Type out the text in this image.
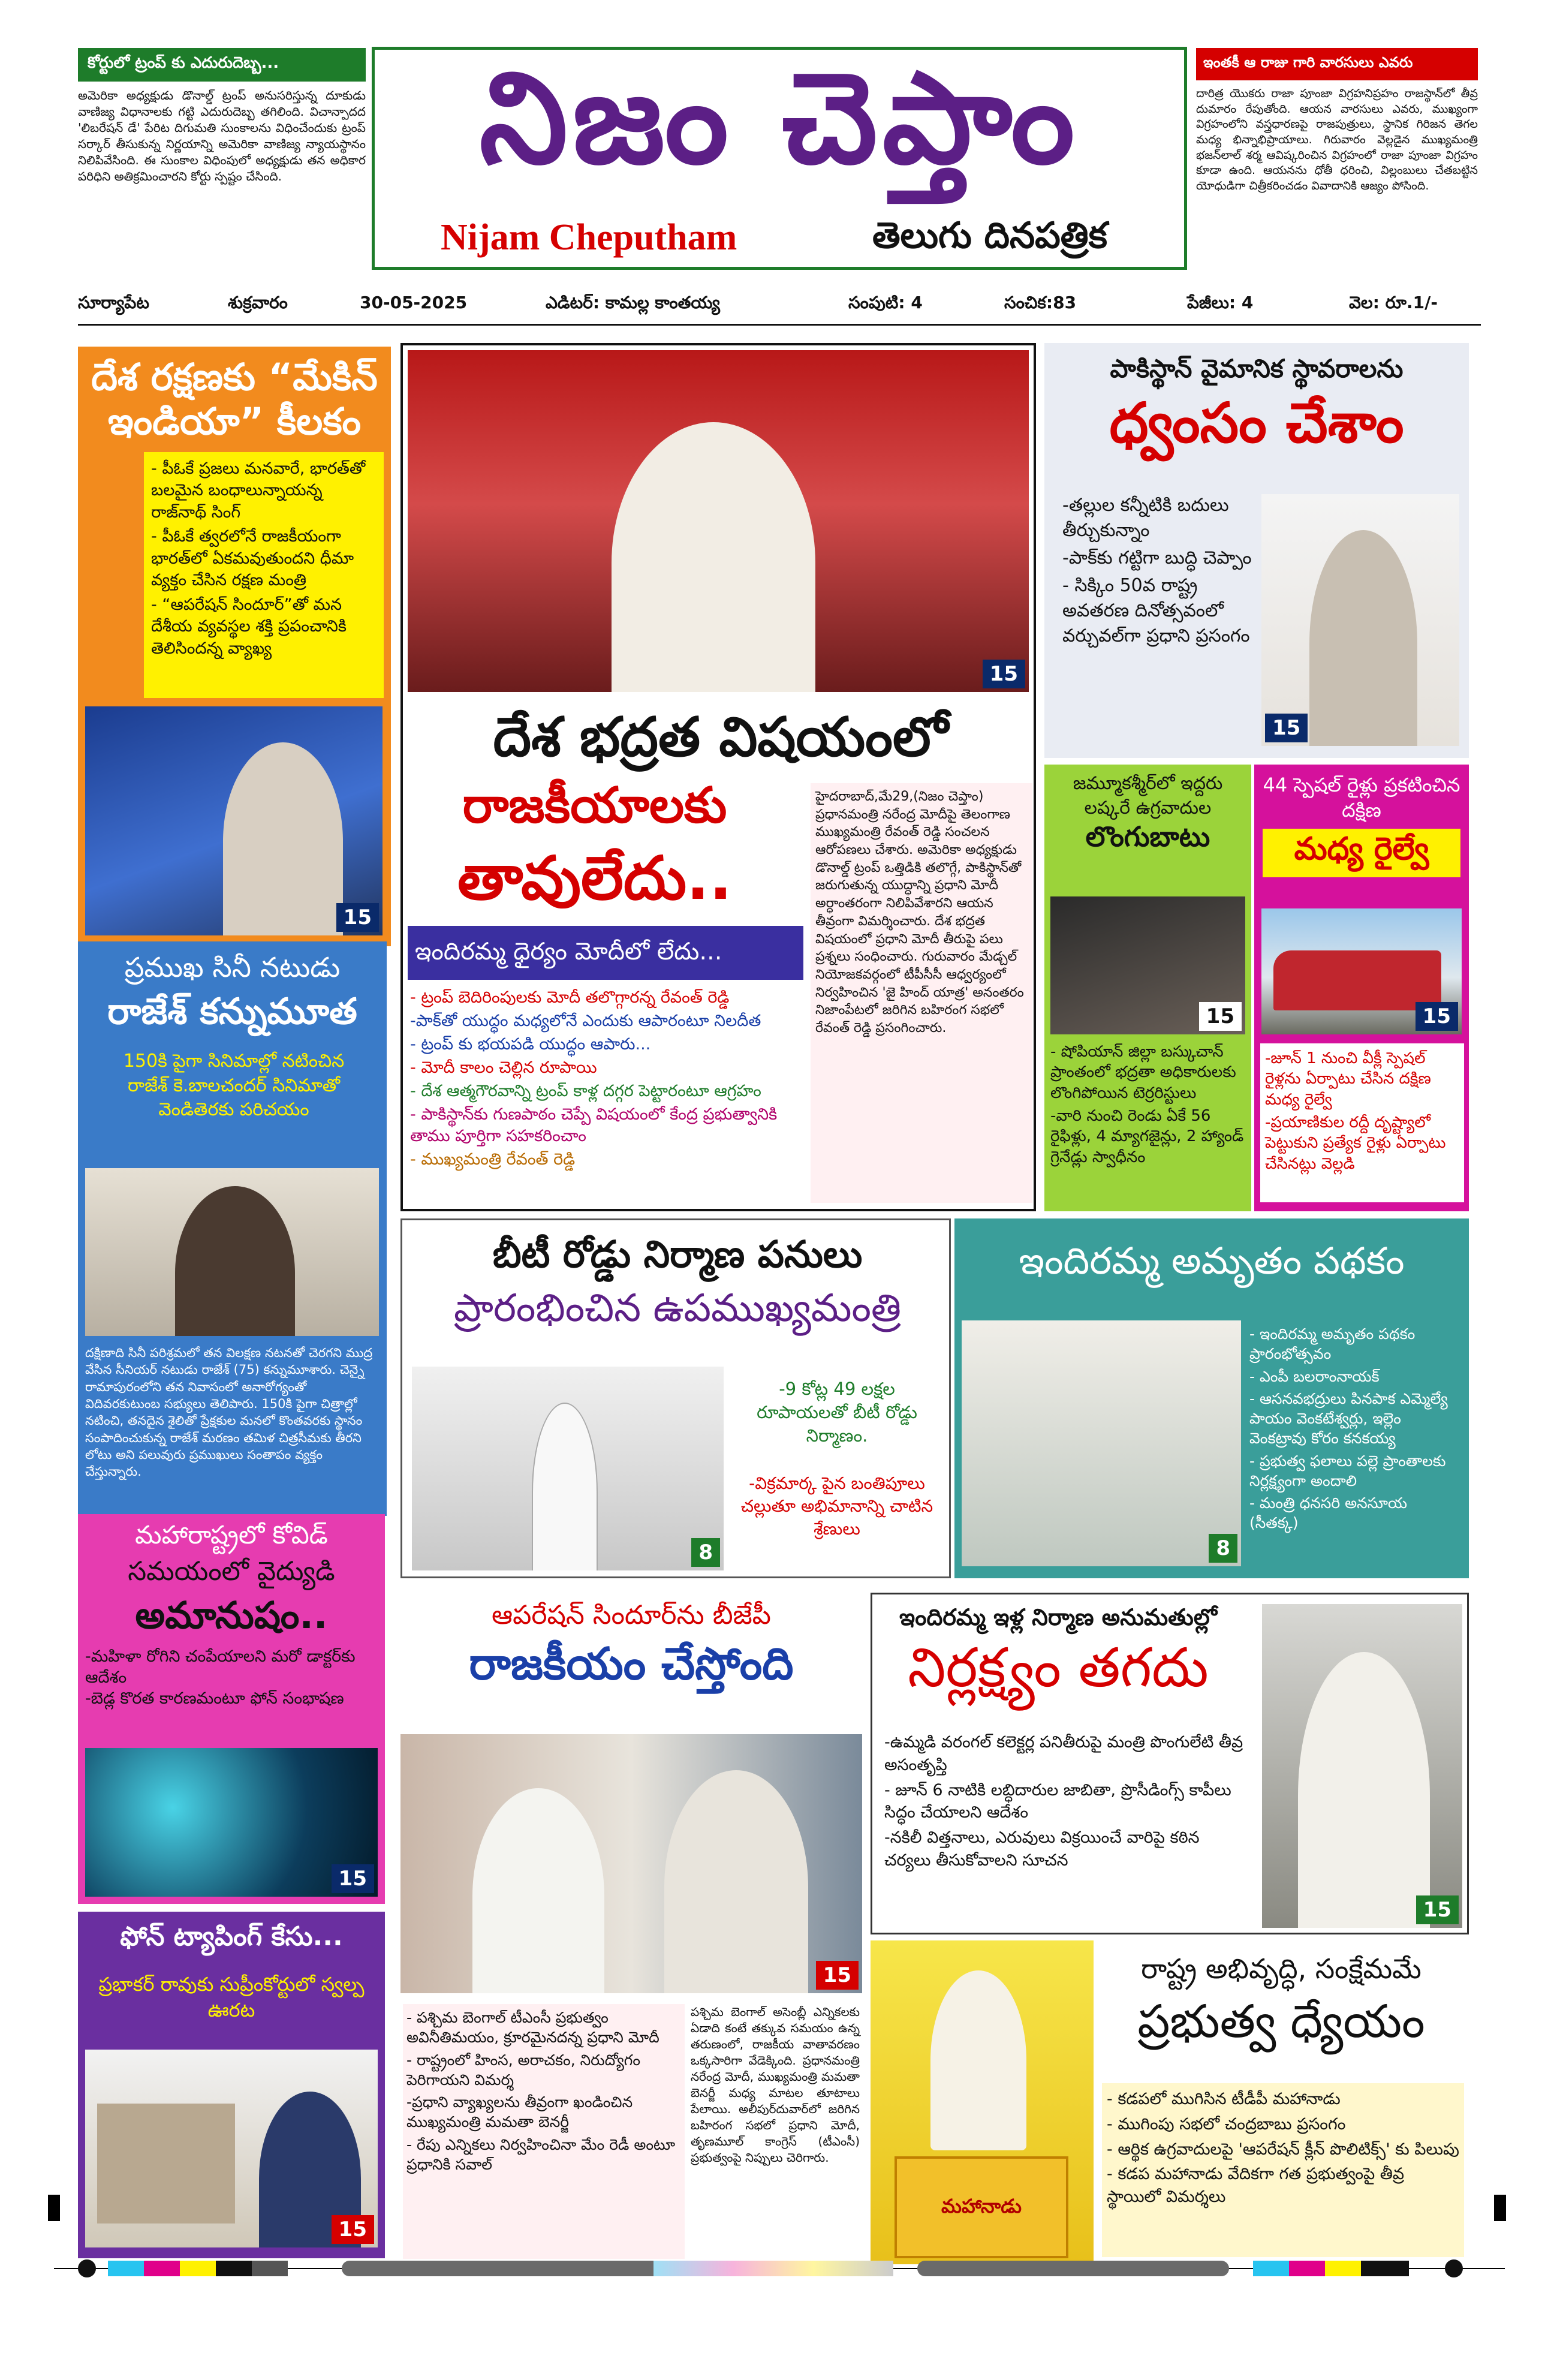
కోర్టులో ట్రంప్ కు ఎదురుదెబ్బ...
అమెరికా అధ్యక్షుడు డొనాల్డ్ ట్రంప్ అనుసరిస్తున్న దూకుడు వాణిజ్య విధానాలకు గట్టి ఎదురుదెబ్బ తగిలింది. విచాన్పాదద 'లిబరేషన్ డే' పేరిట దిగుమతి సుంకాలను విధించేందుకు ట్రంప్ సర్కార్ తీసుకున్న నిర్ణయాన్ని అమెరికా వాణిజ్య న్యాయస్థానం నిలిపివేసింది. ఈ సుంకాల విధింపులో అధ్యక్షుడు తన అధికార పరిధిని అతిక్రమించారని కోర్టు స్పష్టం చేసింది.	నిజం చెప్తాం
Nijam Cheputham	తెలుగు దినపత్రిక
ఇంతకీ ఆ రాజు గారి వారసులు ఎవరు
దారిత్ర యొకరు రాజా పూంజా విగ్రహనిప్రహం రాజస్థాన్‌లో తీవ్ర దుమారం రేపుతోంది. ఆయన వారసులు ఎవరు, ముఖ్యంగా విగ్రహంలోని వస్త్రధారణపై రాజపుత్రులు, స్థానిక గిరిజన తెగల మధ్య భిన్నాభిప్రాయాలు. గిరువారం వెల్లడైన ముఖ్యమంత్రి భజన్‌లాల్ శర్మ ఆవిష్కరించిన విగ్రహంలో రాజా పూంజా విగ్రహం కూడా ఉంది. ఆయనను ధోతీ ధరించి, విల్లంబులు చేతబట్టిన యోధుడిగా చిత్రీకరించడం వివాదానికి ఆజ్యం పోసింది.
సూర్యాపేట	శుక్రవారం	30-05-2025	ఎడిటర్: కామల్ల కాంతయ్య	సంపుటి: 4	సంచిక:83	పేజీలు: 4	వెల: రూ.1/-
దేశ రక్షణకు “మేకిన్
ఇండియా” కీలకం
- పీఓకే ప్రజలు మనవారే, భారత్‌తో బలమైన బంధాలున్నాయన్న రాజ్‌నాథ్ సింగ్
- పీఓకే త్వరలోనే రాజకీయంగా భారత్‌లో ఏకమవుతుందని ధీమా వ్యక్తం చేసిన రక్షణ మంత్రి
- “ఆపరేషన్ సిందూర్”తో మన దేశీయ వ్యవస్థల శక్తి ప్రపంచానికి తెలిసిందన్న వ్యాఖ్య
15
15
దేశ భద్రత విషయంలో
రాజకీయాలకు
తావులేదు..
ఇందిరమ్మ ధైర్యం మోదీలో లేదు...
- ట్రంప్ బెదిరింపులకు మోదీ తలొగ్గారన్న రేవంత్ రెడ్డి
-పాక్‌తో యుద్ధం మధ్యలోనే ఎందుకు ఆపారంటూ నిలదీత
- ట్రంప్ కు భయపడి యుద్ధం ఆపారు...
- మోదీ కాలం చెల్లిన రూపాయి
- దేశ ఆత్మగౌరవాన్ని ట్రంప్ కాళ్ల దగ్గర పెట్టారంటూ ఆగ్రహం
- పాకిస్థాన్‌కు గుణపాఠం చెప్పే విషయంలో కేంద్ర ప్రభుత్వానికి తాము పూర్తిగా సహకరించాం
- ముఖ్యమంత్రి రేవంత్ రెడ్డి
హైదరాబాద్,మే29,(నిజం చెప్తాం) ప్రధానమంత్రి నరేంద్ర మోదీపై తెలంగాణ ముఖ్యమంత్రి రేవంత్ రెడ్డి సంచలన ఆరోపణలు చేశారు. అమెరికా అధ్యక్షుడు డొనాల్డ్ ట్రంప్ ఒత్తిడికి తలొగ్గే, పాకిస్థాన్‌తో జరుగుతున్న యుద్ధాన్ని ప్రధాని మోదీ అర్ధాంతరంగా నిలిపివేశారని ఆయన తీవ్రంగా విమర్శించారు. దేశ భద్రత విషయంలో ప్రధాని మోదీ తీరుపై పలు ప్రశ్నలు సంధించారు. గురువారం మేడ్చల్ నియోజకవర్గంలో టీపీసీసీ ఆధ్వర్యంలో నిర్వహించిన 'జై హింద్ యాత్ర' అనంతరం నిజాంపేటలో జరిగిన బహిరంగ సభలో రేవంత్ రెడ్డి ప్రసంగించారు.
పాకిస్థాన్ వైమానిక స్థావరాలను
ధ్వంసం చేశాం
-తల్లుల కన్నీటికి బదులు తీర్చుకున్నాం
-పాక్‌కు గట్టిగా బుద్ధి చెప్పాం
- సిక్కిం 50వ రాష్ట్ర అవతరణ దినోత్సవంలో వర్చువల్‌గా ప్రధాని ప్రసంగం
15
జమ్మూకశ్మీర్‌లో ఇద్దరు లష్కరే ఉగ్రవాదుల
లొంగుబాటు
15
- షోపియాన్ జిల్లా బస్కుచాన్ ప్రాంతంలో భద్రతా అధికారులకు లొంగిపోయిన టెర్రరిస్టులు
-వారి నుంచి రెండు ఏకే 56 రైఫిళ్లు, 4 మ్యాగజైన్లు, 2 హ్యాండ్ గ్రెనేడ్లు స్వాధీనం
44 స్పెషల్ రైళ్లు ప్రకటించిన దక్షిణ
మధ్య రైల్వే
15
-జూన్ 1 నుంచి వీక్లీ స్పెషల్ రైళ్లను ఏర్పాటు చేసిన దక్షిణ మధ్య రైల్వే
-ప్రయాణికుల రద్దీ దృష్ట్యాలో పెట్టుకుని ప్రత్యేక రైళ్లు ఏర్పాటు చేసినట్లు వెల్లడి
ప్రముఖ సినీ నటుడు
రాజేశ్ కన్నుమూత
150కి పైగా సినిమాల్లో నటించిన రాజేశ్ కె.బాలచందర్ సినిమాతో వెండితెరకు పరిచయం
దక్షిణాది సినీ పరిశ్రమలో తన విలక్షణ నటనతో చెరగని ముద్ర వేసిన సీనియర్ నటుడు రాజేశ్ (75) కన్నుమూశారు. చెన్నై రామాపురంలోని తన నివాసంలో అనారోగ్యంతో విదివరకుటుంబ సభ్యులు తెలిపారు. 150కి పైగా చిత్రాల్లో నటించి, తనదైన శైలితో ప్రేక్షకుల మనలో కొంతవరకు స్థానం సంపాదించుకున్న రాజేశ్ మరణం తమిళ చిత్రసీమకు తీరని లోటు అని పలువురు ప్రముఖులు సంతాపం వ్యక్తం చేస్తున్నారు.
బీటీ రోడ్డు నిర్మాణ పనులు
ప్రారంభించిన ఉపముఖ్యమంత్రి
8
-9 కోట్ల 49 లక్షల రూపాయలతో బీటీ రోడ్డు నిర్మాణం.
-విక్రమార్క పైన బంతిపూలు చల్లుతూ అభిమానాన్ని చాటిన శ్రేణులు
ఇందిరమ్మ అమృతం పథకం
8
- ఇందిరమ్మ అమృతం పథకం ప్రారంభోత్సవం
- ఎంపీ బలరాంనాయక్
- ఆసనవభద్రులు పినపాక ఎమ్మెల్యే పాయం వెంకటేశ్వర్లు, ఇల్లెం వెంకట్రావు కోరం కనకయ్య
- ప్రభుత్వ ఫలాలు పల్లె ప్రాంతాలకు నిర్లక్ష్యంగా అందాలి
- మంత్రి ధనసరి అనసూయ (సీతక్క)
మహారాష్ట్రలో కోవిడ్
సమయంలో వైద్యుడి
అమానుషం..
-మహిళా రోగిని చంపేయాలని మరో డాక్టర్‌కు ఆదేశం
-బెడ్ల కొరత కారణమంటూ ఫోన్ సంభాషణ
15
ఫోన్ ట్యాపింగ్ కేసు...
ప్రభాకర్ రావుకు సుప్రీంకోర్టులో స్వల్ప ఊరట
15
ఆపరేషన్ సిందూర్‌ను బీజేపీ
రాజకీయం చేస్తోంది
15
- పశ్చిమ బెంగాల్ టీఎంసీ ప్రభుత్వం అవినీతిమయం, క్రూరమైనదన్న ప్రధాని మోదీ
- రాష్ట్రంలో హింస, అరాచకం, నిరుద్యోగం పెరిగాయని విమర్శ
-ప్రధాని వ్యాఖ్యలను తీవ్రంగా ఖండించిన ముఖ్యమంత్రి మమతా బెనర్జీ
- రేపు ఎన్నికలు నిర్వహించినా మేం రెడీ అంటూ ప్రధానికి సవాల్
పశ్చిమ బెంగాల్ అసెంబ్లీ ఎన్నికలకు ఏడాది కంటే తక్కువ సమయం ఉన్న తరుణంలో, రాజకీయ వాతావరణం ఒక్కసారిగా వేడెక్కింది. ప్రధానమంత్రి నరేంద్ర మోదీ, ముఖ్యమంత్రి మమతా బెనర్జీ మధ్య మాటల తూటాలు పేలాయి. అలీపుర్‌దువార్‌లో జరిగిన బహిరంగ సభలో ప్రధాని మోదీ, తృణమూల్ కాంగ్రెస్ (టీఎంసీ) ప్రభుత్వంపై నిప్పులు చెరిగారు.
ఇందిరమ్మ ఇళ్ల నిర్మాణ అనుమతుల్లో
నిర్లక్ష్యం తగదు
-ఉమ్మడి వరంగల్ కలెక్టర్ల పనితీరుపై మంత్రి పొంగులేటి తీవ్ర అసంతృప్తి
- జూన్ 6 నాటికి లబ్ధిదారుల జాబితా, ప్రొసీడింగ్స్ కాపీలు సిద్ధం చేయాలని ఆదేశం
-నకిలీ విత్తనాలు, ఎరువులు విక్రయించే వారిపై కఠిన చర్యలు తీసుకోవాలని సూచన
15
మహానాడు
రాష్ట్ర అభివృద్ధి, సంక్షేమమే
ప్రభుత్వ ధ్యేయం
- కడపలో ముగిసిన టీడీపీ మహానాడు
- ముగింపు సభలో చంద్రబాబు ప్రసంగం
- ఆర్థిక ఉగ్రవాదులపై 'ఆపరేషన్ క్లీన్ పొలిటిక్స్' కు పిలుపు
- కడప మహానాడు వేదికగా గత ప్రభుత్వంపై తీవ్ర స్థాయిలో విమర్శలు
